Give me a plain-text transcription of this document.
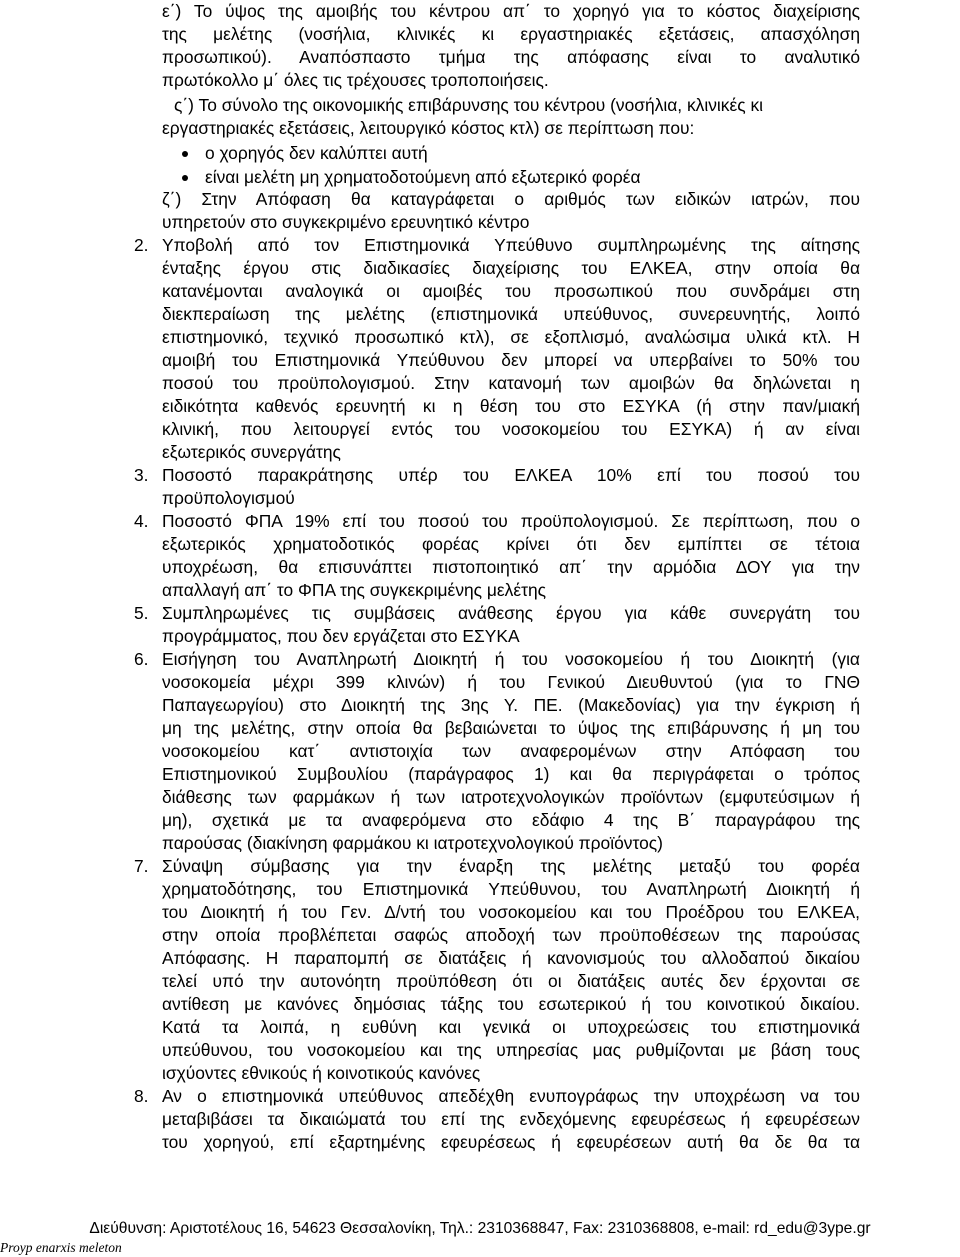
ε΄) Το ύψος της αμοιβής του κέντρου απ΄ το χορηγό για το κόστος διαχείρισης
της μελέτης (νοσήλια, κλινικές κι εργαστηριακές εξετάσεις, απασχόληση
προσωπικού). Αναπόσπαστο τμήμα της απόφασης είναι το αναλυτικό
πρωτόκολλο μ΄ όλες τις τρέχουσες τροποποιήσεις.
ς΄) Το σύνολο της οικονομικής επιβάρυνσης του κέντρου (νοσήλια, κλινικές κι
εργαστηριακές εξετάσεις, λειτουργικό κόστος κτλ) σε περίπτωση που:
ο χορηγός δεν καλύπτει αυτή
είναι μελέτη μη χρηματοδοτούμενη από εξωτερικό φορέα
ζ΄) Στην Απόφαση θα καταγράφεται ο αριθμός των ειδικών ιατρών, που
υπηρετούν στο συγκεκριμένο ερευνητικό κέντρο
2. Υποβολή από τον Επιστημονικά Υπεύθυνο συμπληρωμένης της αίτησης
ένταξης έργου στις διαδικασίες διαχείρισης του ΕΛΚΕΑ, στην οποία θα
κατανέμονται αναλογικά οι αμοιβές του προσωπικού που συνδράμει στη
διεκπεραίωση της μελέτης (επιστημονικά υπεύθυνος, συνερευνητής, λοιπό
επιστημονικό, τεχνικό προσωπικό κτλ), σε εξοπλισμό, αναλώσιμα υλικά κτλ. Η
αμοιβή του Επιστημονικά Υπεύθυνου δεν μπορεί να υπερβαίνει το 50% του
ποσού του προϋπολογισμού. Στην κατανομή των αμοιβών θα δηλώνεται η
ειδικότητα καθενός ερευνητή κι η θέση του στο ΕΣΥΚΑ (ή στην παν/μιακή
κλινική, που λειτουργεί εντός του νοσοκομείου του ΕΣΥΚΑ) ή αν είναι
εξωτερικός συνεργάτης
3. Ποσοστό παρακράτησης υπέρ του ΕΛΚΕΑ 10% επί του ποσού του
προϋπολογισμού
4. Ποσοστό ΦΠΑ 19% επί του ποσού του προϋπολογισμού. Σε περίπτωση, που ο
εξωτερικός χρηματοδοτικός φορέας κρίνει ότι δεν εμπίπτει σε τέτοια
υποχρέωση, θα επισυνάπτει πιστοποιητικό απ΄ την αρμόδια ΔΟΥ για την
απαλλαγή απ΄ το ΦΠΑ της συγκεκριμένης μελέτης
5. Συμπληρωμένες τις συμβάσεις ανάθεσης έργου για κάθε συνεργάτη του
προγράμματος, που δεν εργάζεται στο ΕΣΥΚΑ
6. Εισήγηση του Αναπληρωτή Διοικητή ή του νοσοκομείου ή του Διοικητή (για
νοσοκομεία μέχρι 399 κλινών) ή του Γενικού Διευθυντού (για το ΓΝΘ
Παπαγεωργίου) στο Διοικητή της 3ης Υ. ΠΕ. (Μακεδονίας) για την έγκριση ή
μη της μελέτης, στην οποία θα βεβαιώνεται το ύψος της επιβάρυνσης ή μη του
νοσοκομείου κατ΄ αντιστοιχία των αναφερομένων στην Απόφαση του
Επιστημονικού Συμβουλίου (παράγραφος 1) και θα περιγράφεται ο τρόπος
διάθεσης των φαρμάκων ή των ιατροτεχνολογικών προϊόντων (εμφυτεύσιμων ή
μη), σχετικά με τα αναφερόμενα στο εδάφιο 4 της Β΄ παραγράφου της
παρούσας (διακίνηση φαρμάκου κι ιατροτεχνολογικού προϊόντος)
7. Σύναψη σύμβασης για την έναρξη της μελέτης μεταξύ του φορέα
χρηματοδότησης, του Επιστημονικά Υπεύθυνου, του Αναπληρωτή Διοικητή ή
του Διοικητή ή του Γεν. Δ/ντή του νοσοκομείου και του Προέδρου του ΕΛΚΕΑ,
στην οποία προβλέπεται σαφώς αποδοχή των προϋποθέσεων της παρούσας
Απόφασης. Η παραπομπή σε διατάξεις ή κανονισμούς του αλλοδαπού δικαίου
τελεί υπό την αυτονόητη προϋπόθεση ότι οι διατάξεις αυτές δεν έρχονται σε
αντίθεση με κανόνες δημόσιας τάξης του εσωτερικού ή του κοινοτικού δικαίου.
Κατά τα λοιπά, η ευθύνη και γενικά οι υποχρεώσεις του επιστημονικά
υπεύθυνου, του νοσοκομείου και της υπηρεσίας μας ρυθμίζονται με βάση τους
ισχύοντες εθνικούς ή κοινοτικούς κανόνες
8. Αν ο επιστημονικά υπεύθυνος απεδέχθη ενυπογράφως την υποχρέωση να του
μεταβιβάσει τα δικαιώματά του επί της ενδεχόμενης εφευρέσεως ή εφευρέσεων
του χορηγού, επί εξαρτημένης εφευρέσεως ή εφευρέσεων αυτή θα δε θα τα
Διεύθυνση: Αριστοτέλους 16, 54623 Θεσσαλονίκη, Τηλ.: 2310368847, Fax: 2310368808, e-mail: rd_edu@3ype.gr
Proyp enarxis meleton
